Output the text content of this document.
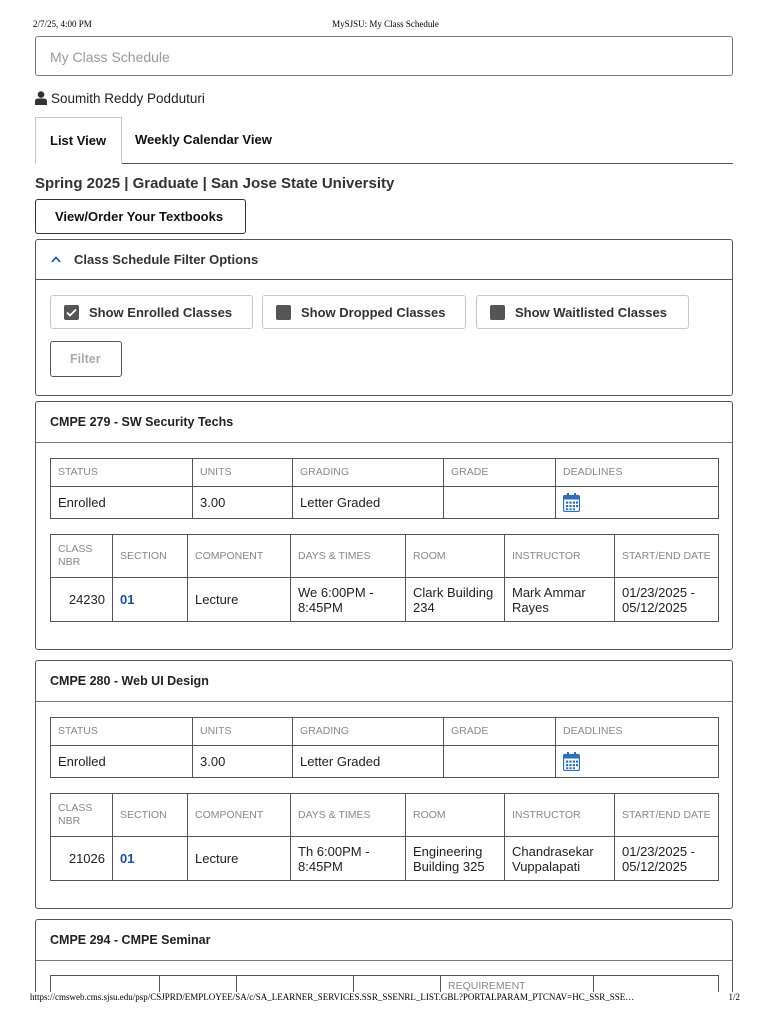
2/7/25, 4:00 PM	MySJSU: My Class Schedule
My Class Schedule
Soumith Reddy Podduturi
List View Weekly Calendar View
Spring 2025 | Graduate | San Jose State University
View/Order Your Textbooks
Class Schedule Filter Options
Show Enrolled Classes	Show Dropped Classes	Show Waitlisted Classes
Filter
CMPE 279 - SW Security Techs
STATUS	UNITS	GRADING	GRADE	DEADLINES
Enrolled	3.00	Letter Graded		
CLASS NBR	SECTION	COMPONENT	DAYS & TIMES	ROOM	INSTRUCTOR	START/END DATE
24230	01	Lecture	We 6:00PM - 8:45PM	Clark Building 234	Mark Ammar Rayes	01/23/2025 - 05/12/2025
CMPE 280 - Web UI Design
STATUS	UNITS	GRADING	GRADE	DEADLINES
Enrolled	3.00	Letter Graded		
CLASS NBR	SECTION	COMPONENT	DAYS & TIMES	ROOM	INSTRUCTOR	START/END DATE
21026	01	Lecture	Th 6:00PM - 8:45PM	Engineering Building 325	Chandrasekar Vuppalapati	01/23/2025 - 05/12/2025
CMPE 294 - CMPE Seminar
				REQUIREMENT	
https://cmsweb.cms.sjsu.edu/psp/CSJPRD/EMPLOYEE/SA/c/SA_LEARNER_SERVICES.SSR_SSENRL_LIST.GBL?PORTALPARAM_PTCNAV=HC_SSR_SSE…	1/2
